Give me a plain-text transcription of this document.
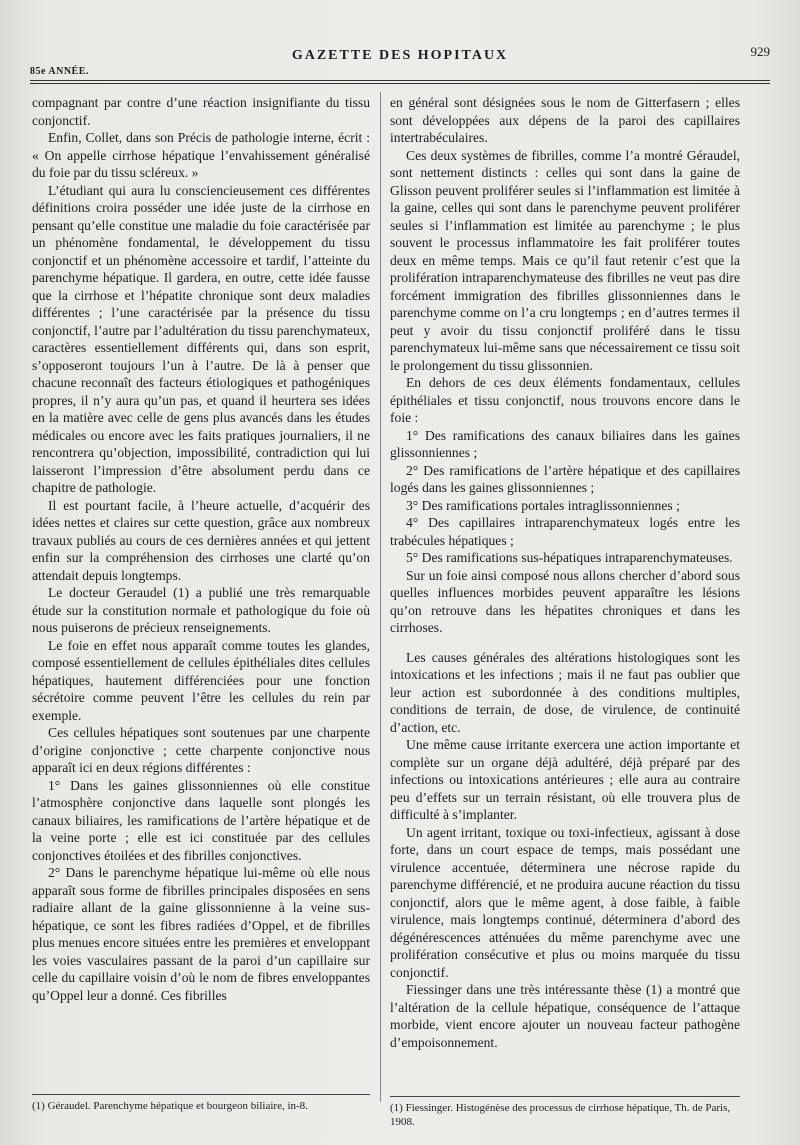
85e ANNÉE.
GAZETTE DES HOPITAUX	929

compagnant par contre d’une réaction insignifiante du tissu conjonctif.

Enfin, Collet, dans son Précis de pathologie interne, écrit : « On appelle cirrhose hépatique l’envahissement généralisé du foie par du tissu scléreux. »

L’étudiant qui aura lu consciencieusement ces différentes définitions croira posséder une idée juste de la cirrhose en pensant qu’elle constitue une maladie du foie caractérisée par un phénomène fondamental, le développement du tissu conjonctif et un phénomène accessoire et tardif, l’atteinte du parenchyme hépatique. Il gardera, en outre, cette idée fausse que la cirrhose et l’hépatite chronique sont deux maladies différentes ; l’une caractérisée par la présence du tissu conjonctif, l’autre par l’adultération du tissu parenchymateux, caractères essentiellement différents qui, dans son esprit, s’opposeront toujours l’un à l’autre. De là à penser que chacune reconnaît des facteurs étiologiques et pathogéniques propres, il n’y aura qu’un pas, et quand il heurtera ses idées en la matière avec celle de gens plus avancés dans les études médicales ou encore avec les faits pratiques journaliers, il ne rencontrera qu’objection, impossibilité, contradiction qui lui laisseront l’impression d’être absolument perdu dans ce chapitre de pathologie.

Il est pourtant facile, à l’heure actuelle, d’acquérir des idées nettes et claires sur cette question, grâce aux nombreux travaux publiés au cours de ces dernières années et qui jettent enfin sur la compréhension des cirrhoses une clarté qu’on attendait depuis longtemps.

Le docteur Geraudel (1) a publié une très remarquable étude sur la constitution normale et pathologique du foie où nous puiserons de précieux renseignements.

Le foie en effet nous apparaît comme toutes les glandes, composé essentiellement de cellules épithéliales dites cellules hépatiques, hautement différenciées pour une fonction sécrétoire comme peuvent l’être les cellules du rein par exemple.

Ces cellules hépatiques sont soutenues par une charpente d’origine conjonctive ; cette charpente conjonctive nous apparaît ici en deux régions différentes :

1° Dans les gaines glissonniennes où elle constitue l’atmosphère conjonctive dans laquelle sont plongés les canaux biliaires, les ramifications de l’artère hépatique et de la veine porte ; elle est ici constituée par des cellules conjonctives étoilées et des fibrilles conjonctives.

2° Dans le parenchyme hépatique lui-même où elle nous apparaît sous forme de fibrilles principales disposées en sens radiaire allant de la gaine glissonnienne à la veine sus-hépatique, ce sont les fibres radiées d’Oppel, et de fibrilles plus menues encore situées entre les premières et enveloppant les voies vasculaires passant de la paroi d’un capillaire sur celle du capillaire voisin d’où le nom de fibres enveloppantes qu’Oppel leur a donné. Ces fibrilles

en général sont désignées sous le nom de Gitterfasern ; elles sont développées aux dépens de la paroi des capillaires intertrabéculaires.

Ces deux systèmes de fibrilles, comme l’a montré Géraudel, sont nettement distincts : celles qui sont dans la gaine de Glisson peuvent proliférer seules si l’inflammation est limitée à la gaine, celles qui sont dans le parenchyme peuvent proliférer seules si l’inflammation est limitée au parenchyme ; le plus souvent le processus inflammatoire les fait proliférer toutes deux en même temps. Mais ce qu’il faut retenir c’est que la prolifération intraparenchymateuse des fibrilles ne veut pas dire forcément immigration des fibrilles glissonniennes dans le parenchyme comme on l’a cru longtemps ; en d’autres termes il peut y avoir du tissu conjonctif proliféré dans le tissu parenchymateux lui-même sans que nécessairement ce tissu soit le prolongement du tissu glissonnien.

En dehors de ces deux éléments fondamentaux, cellules épithéliales et tissu conjonctif, nous trouvons encore dans le foie :

1° Des ramifications des canaux biliaires dans les gaines glissonniennes ;

2° Des ramifications de l’artère hépatique et des capillaires logés dans les gaines glissonniennes ;

3° Des ramifications portales intraglissonniennes ;

4° Des capillaires intraparenchymateux logés entre les trabécules hépatiques ;

5° Des ramifications sus-hépatiques intraparenchymateuses.

Sur un foie ainsi composé nous allons chercher d’abord sous quelles influences morbides peuvent apparaître les lésions qu’on retrouve dans les hépatites chroniques et dans les cirrhoses.

Les causes générales des altérations histologiques sont les intoxications et les infections ; mais il ne faut pas oublier que leur action est subordonnée à des conditions multiples, conditions de terrain, de dose, de virulence, de continuité d’action, etc.

Une même cause irritante exercera une action importante et complète sur un organe déjà adultéré, déjà préparé par des infections ou intoxications antérieures ; elle aura au contraire peu d’effets sur un terrain résistant, où elle trouvera plus de difficulté à s’implanter.

Un agent irritant, toxique ou toxi-infectieux, agissant à dose forte, dans un court espace de temps, mais possédant une virulence accentuée, déterminera une nécrose rapide du parenchyme différencié, et ne produira aucune réaction du tissu conjonctif, alors que le même agent, à dose faible, à faible virulence, mais longtemps continué, déterminera d’abord des dégénérescences atténuées du même parenchyme avec une prolifération consécutive et plus ou moins marquée du tissu conjonctif.

Fiessinger dans une très intéressante thèse (1) a montré que l’altération de la cellule hépatique, conséquence de l’attaque morbide, vient encore ajouter un nouveau facteur pathogène d’empoisonnement.

(1) Géraudel. Parenchyme hépatique et bourgeon biliaire, in-8.	(1) Fiessinger. Histogénèse des processus de cirrhose hépatique, Th. de Paris, 1908.
